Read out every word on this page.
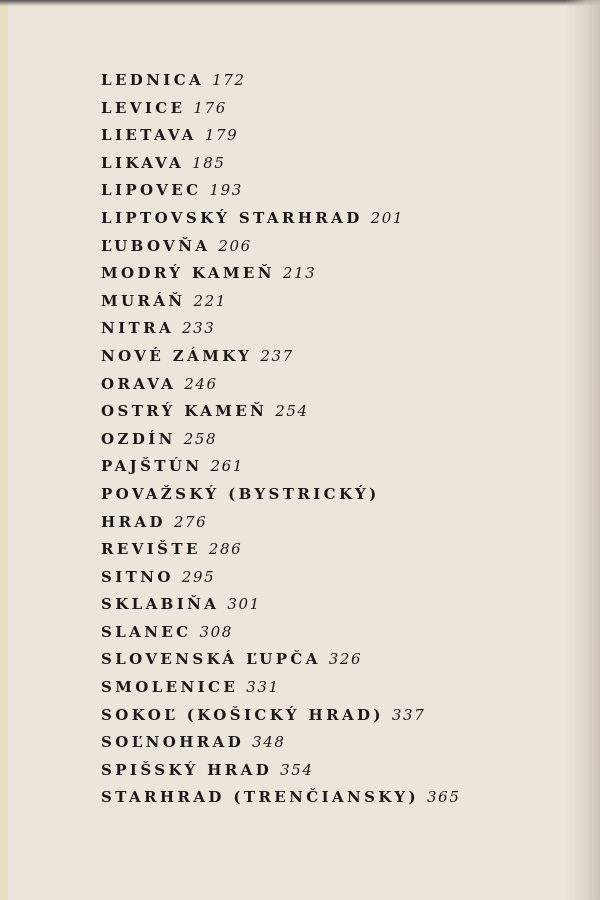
LEDNICA 172
LEVICE 176
LIETAVA 179
LIKAVA 185
LIPOVEC 193
LIPTOVSKÝ STARHRAD 201
ĽUBOVŇA 206
MODRÝ KAMEŇ 213
MURÁŇ 221
NITRA 233
NOVÉ ZÁMKY 237
ORAVA 246
OSTRÝ KAMEŇ 254
OZDÍN 258
PAJŠTÚN 261
POVAŽSKÝ (BYSTRICKÝ)
HRAD 276
REVIŠTE 286
SITNO 295
SKLABIŇA 301
SLANEC 308
SLOVENSKÁ ĽUPČA 326
SMOLENICE 331
SOKOĽ (KOŠICKÝ HRAD) 337
SOĽNOHRAD 348
SPIŠSKÝ HRAD 354
STARHRAD (TRENČIANSKY) 365
